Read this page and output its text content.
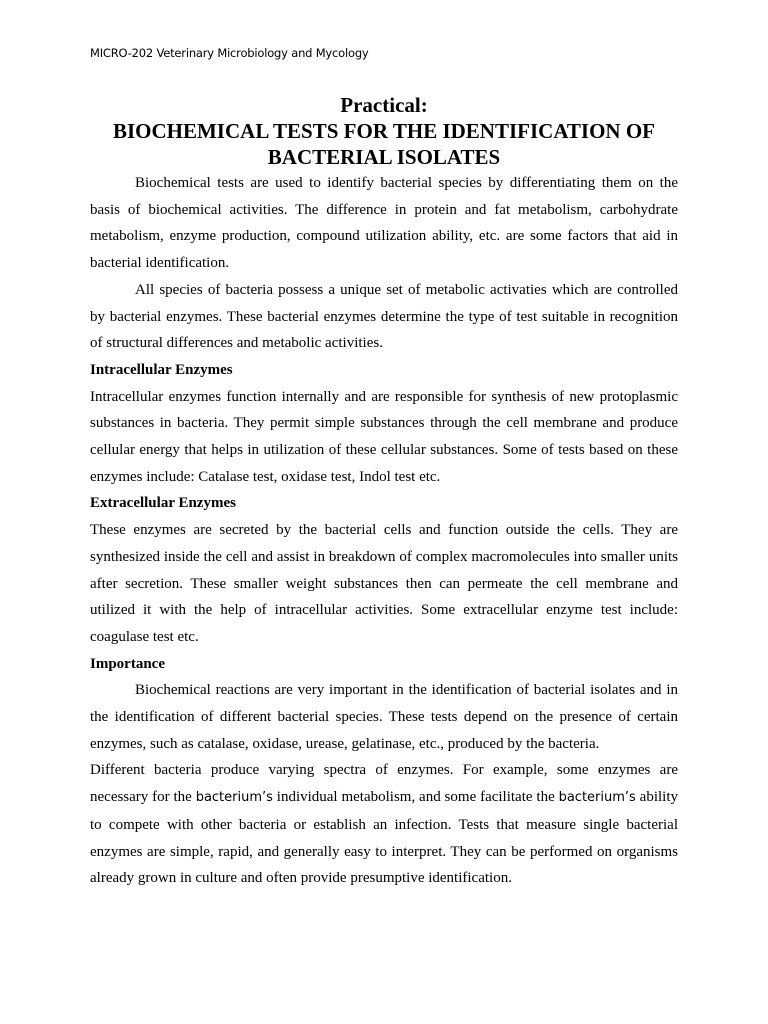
MICRO-202 Veterinary Microbiology and Mycology
Practical:
BIOCHEMICAL TESTS FOR THE IDENTIFICATION OF
BACTERIAL ISOLATES

Biochemical tests are used to identify bacterial species by differentiating them on the basis of biochemical activities. The difference in protein and fat metabolism, carbohydrate metabolism, enzyme production, compound utilization ability, etc. are some factors that aid in bacterial identification.

All species of bacteria possess a unique set of metabolic activaties which are controlled by bacterial enzymes. These bacterial enzymes determine the type of test suitable in recognition of structural differences and metabolic activities.

Intracellular Enzymes

Intracellular enzymes function internally and are responsible for synthesis of new protoplasmic substances in bacteria. They permit simple substances through the cell membrane and produce cellular energy that helps in utilization of these cellular substances. Some of tests based on these enzymes include: Catalase test, oxidase test, Indol test etc.

Extracellular Enzymes

These enzymes are secreted by the bacterial cells and function outside the cells. They are synthesized inside the cell and assist in breakdown of complex macromolecules into smaller units after secretion. These smaller weight substances then can permeate the cell membrane and utilized it with the help of intracellular activities. Some extracellular enzyme test include: coagulase test etc.

Importance

Biochemical reactions are very important in the identification of bacterial isolates and in the identification of different bacterial species. These tests depend on the presence of certain enzymes, such as catalase, oxidase, urease, gelatinase, etc., produced by the bacteria.

Different bacteria produce varying spectra of enzymes. For example, some enzymes are necessary for the bacterium’s individual metabolism, and some facilitate the bacterium’s ability to compete with other bacteria or establish an infection. Tests that measure single bacterial enzymes are simple, rapid, and generally easy to interpret. They can be performed on organisms already grown in culture and often provide presumptive identification.
